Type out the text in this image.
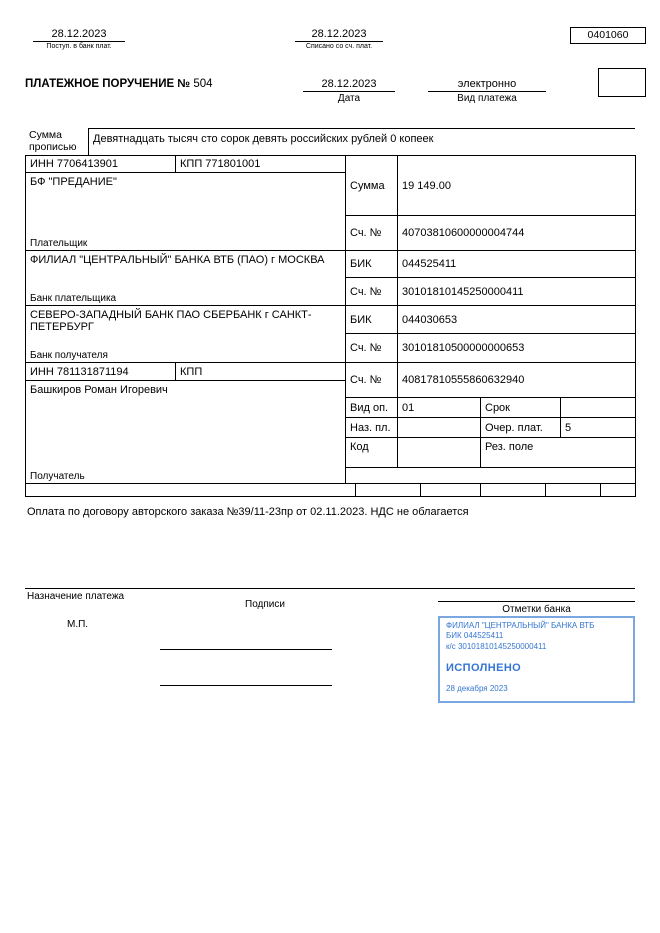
28.12.2023
Поступ. в банк плат.
28.12.2023
Списано со сч. плат.
0401060
ПЛАТЕЖНОЕ ПОРУЧЕНИЕ № 504	28.12.2023
Дата
электронно
Вид платежа
Сумма прописью
Девятнадцать тысяч сто сорок девять российских рублей 0 копеек
ИНН 7706413901	КПП 771801001	Сумма	19 149.00		

БФ "ПРЕДАНИЕ"
Плательщик					

		Сч. №	40703810600000004744		

ФИЛИАЛ "ЦЕНТРАЛЬНЫЙ" БАНКА ВТБ (ПАО) г МОСКВА
Банк плательщика		БИК	044525411		
		Сч. №	30101810145250000411		

СЕВЕРО-ЗАПАДНЫЙ БАНК ПАО СБЕРБАНК г САНКТ-ПЕТЕРБУРГ
Банк получателя		БИК	044030653		
		Сч. №	30101810500000000653		
ИНН 781131871194	КПП	Сч. №	40817810555860632940		

Башкиров Роман Игоревич
Получатель					

		Вид оп.	01	Срок	
		Наз. пл.		Очер. плат.	5
		Код		Рез. поле	

Оплата по договору авторского заказа №39/11-23пр от 02.11.2023. НДС не облагается
Назначение платежа
Подписи	Отметки банка
М.П.	ФИЛИАЛ "ЦЕНТРАЛЬНЫЙ" БАНКА ВТБ
БИК 044525411
к/с 30101810145250000411
ИСПОЛНЕНО
28 декабря 2023
